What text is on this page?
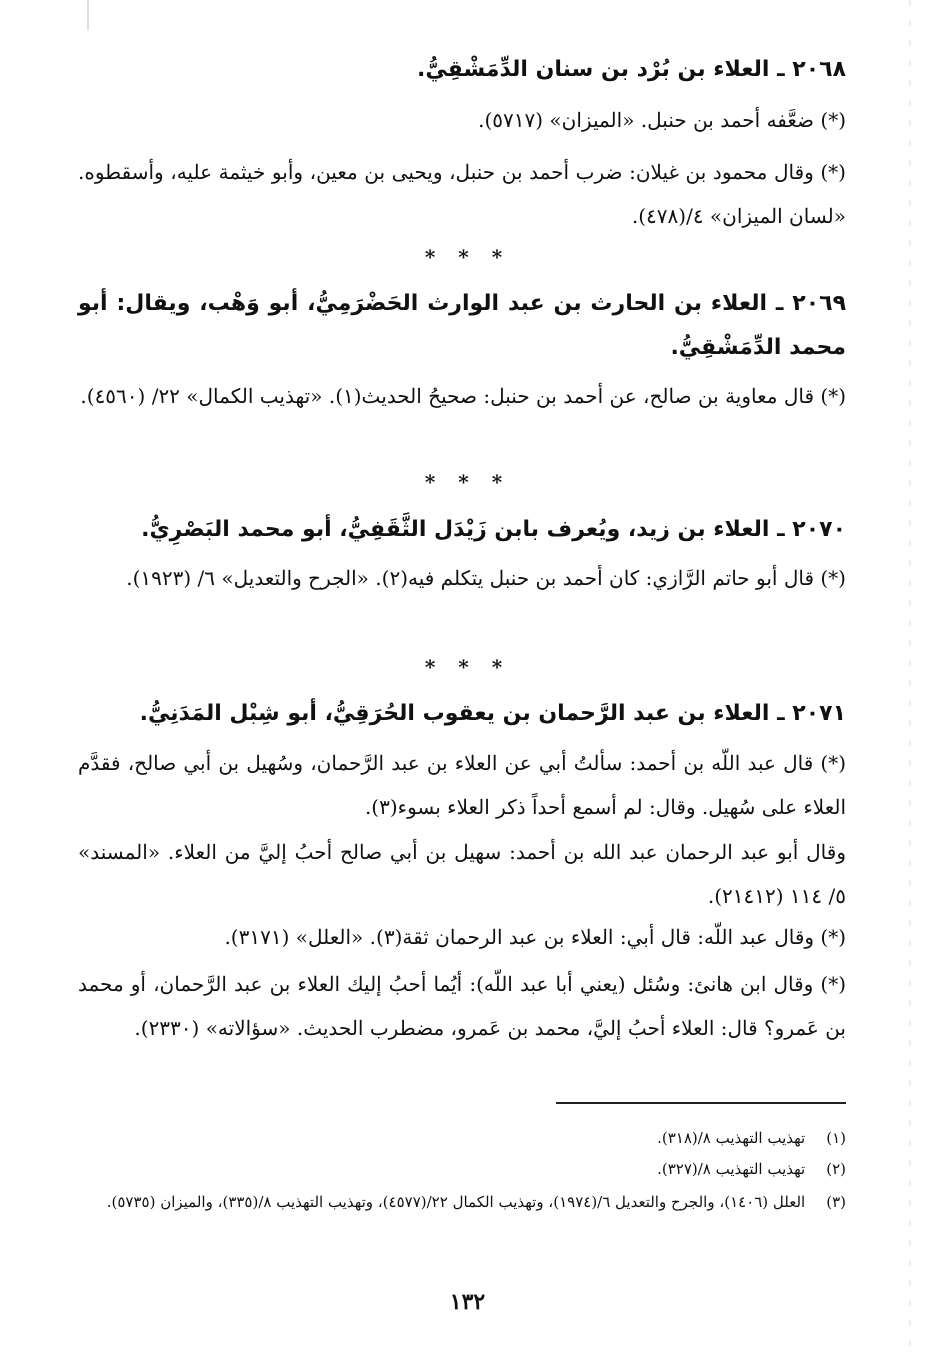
٢٠٦٨ ـ العلاء بن بُرْد بن سنان الدِّمَشْقِيُّ.
(*) ضعَّفه أحمد بن حنبل. «الميزان» (٥٧١٧).
(*) وقال محمود بن غيلان: ضرب أحمد بن حنبل، ويحيى بن معين، وأبو خيثمة عليه، وأسقطوه. «لسان الميزان» ٤/(٤٧٨).
* * *
٢٠٦٩ ـ العلاء بن الحارث بن عبد الوارث الحَضْرَمِيُّ، أبو وَهْب، ويقال: أبو محمد الدِّمَشْقِيُّ.
(*) قال معاوية بن صالح، عن أحمد بن حنبل: صحيحُ الحديث(١). «تهذيب الكمال» ٢٢/ (٤٥٦٠).
* * *
٢٠٧٠ ـ العلاء بن زيد، ويُعرف بابن زَيْدَل الثَّقَفِيُّ، أبو محمد البَصْرِيُّ.
(*) قال أبو حاتم الرَّازي: كان أحمد بن حنبل يتكلم فيه(٢). «الجرح والتعديل» ٦/ (١٩٢٣).
* * *
٢٠٧١ ـ العلاء بن عبد الرَّحمان بن يعقوب الحُرَقِيُّ، أبو شِبْل المَدَنِيُّ.
(*) قال عبد اللّه بن أحمد: سألتُ أبي عن العلاء بن عبد الرَّحمان، وسُهيل بن أبي صالح، فقدَّم العلاء على سُهيل. وقال: لم أسمع أحداً ذكر العلاء بسوء(٣).
وقال أبو عبد الرحمان عبد الله بن أحمد: سهيل بن أبي صالح أحبُ إليَّ من العلاء. «المسند» ٥/ ١١٤ (٢١٤١٢).
(*) وقال عبد اللّه: قال أبي: العلاء بن عبد الرحمان ثقة(٣). «العلل» (٣١٧١).
(*) وقال ابن هانئ: وسُئل (يعني أبا عبد اللّه): أيُما أحبُ إليك العلاء بن عبد الرَّحمان، أو محمد بن عَمرو؟ قال: العلاء أحبُ إليَّ، محمد بن عَمرو، مضطرب الحديث. «سؤالاته» (٢٣٣٠).
(١) تهذيب التهذيب ٨/(٣١٨).
(٢) تهذيب التهذيب ٨/(٣٢٧).
(٣) العلل (١٤٠٦)، والجرح والتعديل ٦/(١٩٧٤)، وتهذيب الكمال ٢٢/(٤٥٧٧)، وتهذيب التهذيب ٨/(٣٣٥)، والميزان (٥٧٣٥).
١٣٢
